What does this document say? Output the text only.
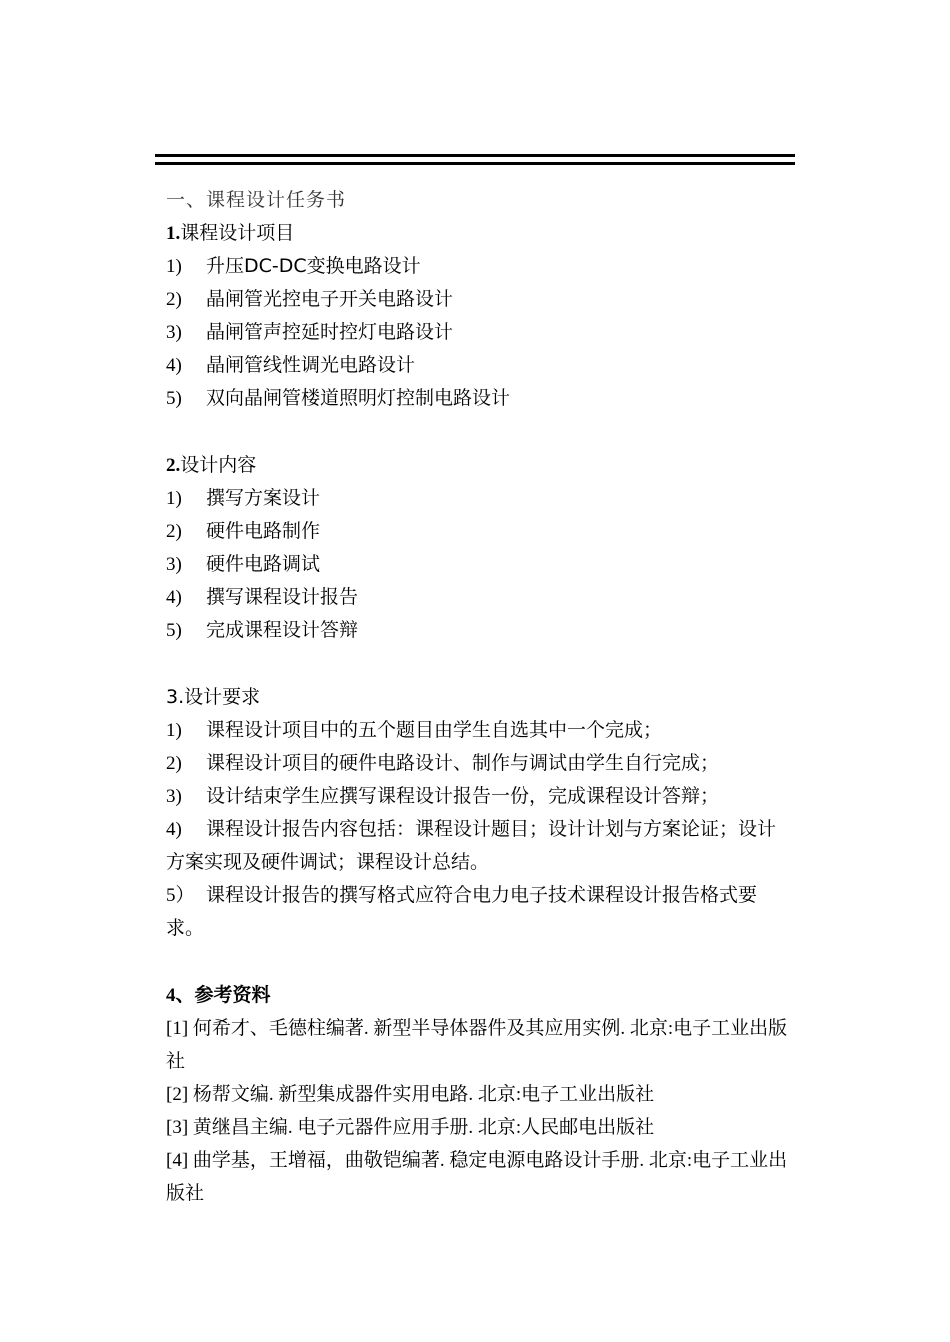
一、课程设计任务书
1.课程设计项目
1) 升压DC-DC变换电路设计
2) 晶闸管光控电子开关电路设计
3) 晶闸管声控延时控灯电路设计
4) 晶闸管线性调光电路设计
5) 双向晶闸管楼道照明灯控制电路设计
2.设计内容
1) 撰写方案设计
2) 硬件电路制作
3) 硬件电路调试
4) 撰写课程设计报告
5) 完成课程设计答辩
3.设计要求
1) 课程设计项目中的五个题目由学生自选其中一个完成；
2) 课程设计项目的硬件电路设计、制作与调试由学生自行完成；
3) 设计结束学生应撰写课程设计报告一份，完成课程设计答辩；
4) 课程设计报告内容包括：课程设计题目；设计计划与方案论证；设计方案实现及硬件调试；课程设计总结。
5） 课程设计报告的撰写格式应符合电力电子技术课程设计报告格式要求。
4、参考资料
[1] 何希才、毛德柱编著. 新型半导体器件及其应用实例. 北京:电子工业出版社
[2] 杨帮文编. 新型集成器件实用电路. 北京:电子工业出版社
[3] 黄继昌主编. 电子元器件应用手册. 北京:人民邮电出版社
[4] 曲学基，王增福，曲敬铠编著. 稳定电源电路设计手册. 北京:电子工业出版社
